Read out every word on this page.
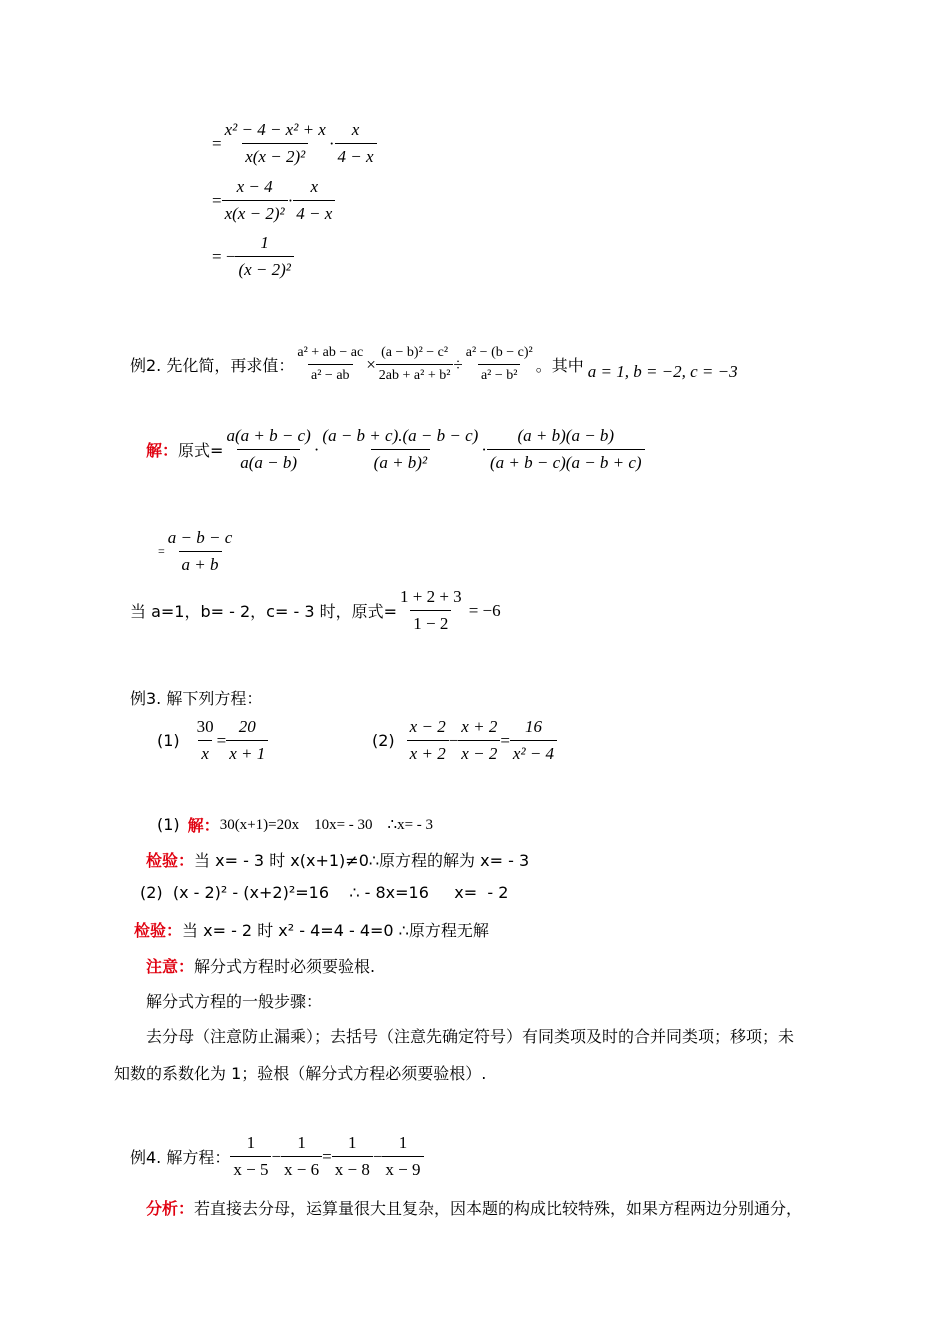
= $\frac{\text{x² − 4 − x² + x}}{\text{x(x − 2)²}} \cdot \frac{x}{4 - x}$
= $\frac{x - 4}{\text{x(x − 2)²}} \cdot \frac{x}{4 - x}$
= − $\frac{1}{\text{(x − 2)²}}$
例2. 先化简，再求值： $\frac{\text{a² + ab − ac}}{\text{a² − ab}} \times \frac{\text{(a − b)² − c²}}{\text{2ab + a² + b²}} \div \frac{\text{a² − (b − c)²}}{\text{a² − b²}}$ 。其中 a = 1, b = −2, c = −3
解： 原式= $\frac{a(a + b - c)}{a(a - b)} \cdot \frac{(a - b + c).(a - b - c)}{\text{(a + b)²}} \cdot \frac{(a + b)(a - b)}{(a + b - c)(a - b + c)}$
= $\frac{a - b - c}{a + b}$
当 a=1，b= - 2，c= - 3 时，原式= $\frac{1 + 2 + 3}{1 - 2} = -6$
例3. 解下列方程：
$(1) \frac{30}{x} = \frac{20}{x + 1}$	$(2) \frac{x - 2}{x + 2} - \frac{x + 2}{x - 2} = \frac{16}{\text{x² − 4}}$
(1) 解： 30(x+1)=20x    10x= - 30    ∴x= - 3
检验： 当 x= - 3 时 x(x+1)≠0∴原方程的解为 x= - 3
(2)  (x - 2)² - (x+2)²=16    ∴ - 8x=16     x=  - 2
检验： 当 x= - 2 时 x² - 4=4 - 4=0 ∴原方程无解
注意： 解分式方程时必须要验根.
解分式方程的一般步骤：
去分母（注意防止漏乘）；去括号（注意先确定符号）有同类项及时的合并同类项；移项；未
知数的系数化为 1；验根（解分式方程必须要验根）.
例4. 解方程： $\frac{1}{x - 5} - \frac{1}{x - 6} = \frac{1}{x - 8} - \frac{1}{x - 9}$
分析： 若直接去分母，运算量很大且复杂，因本题的构成比较特殊，如果方程两边分别通分，
